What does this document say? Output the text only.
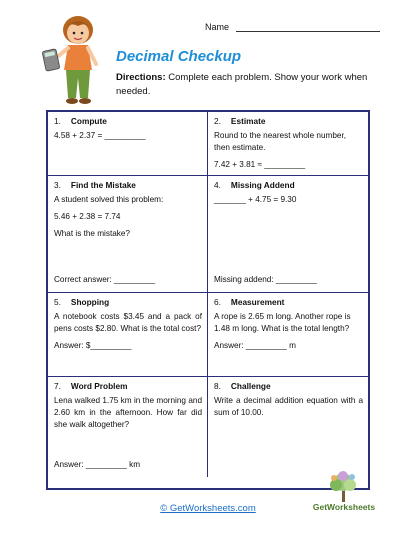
Name
Decimal Checkup
Directions: Complete each problem. Show your work when needed.
1. Compute
4.58 + 2.37 = _________
2. Estimate
Round to the nearest whole number, then estimate.
7.42 + 3.81 ≈ _________
3. Find the Mistake
A student solved this problem:
5.46 + 2.38 = 7.74
What is the mistake?
Correct answer: _________
4. Missing Addend
_______ + 4.75 = 9.30
Missing addend: _________
5. Shopping
A notebook costs $3.45 and a pack of pens costs $2.80. What is the total cost?
Answer: $_________
6. Measurement
A rope is 2.65 m long. Another rope is 1.48 m long. What is the total length?
Answer: _________ m
7. Word Problem
Lena walked 1.75 km in the morning and 2.60 km in the afternoon. How far did she walk altogether?
Answer: _________ km
8. Challenge
Write a decimal addition equation with a sum of 10.00.
© GetWorksheets.com	GetWorksheets
